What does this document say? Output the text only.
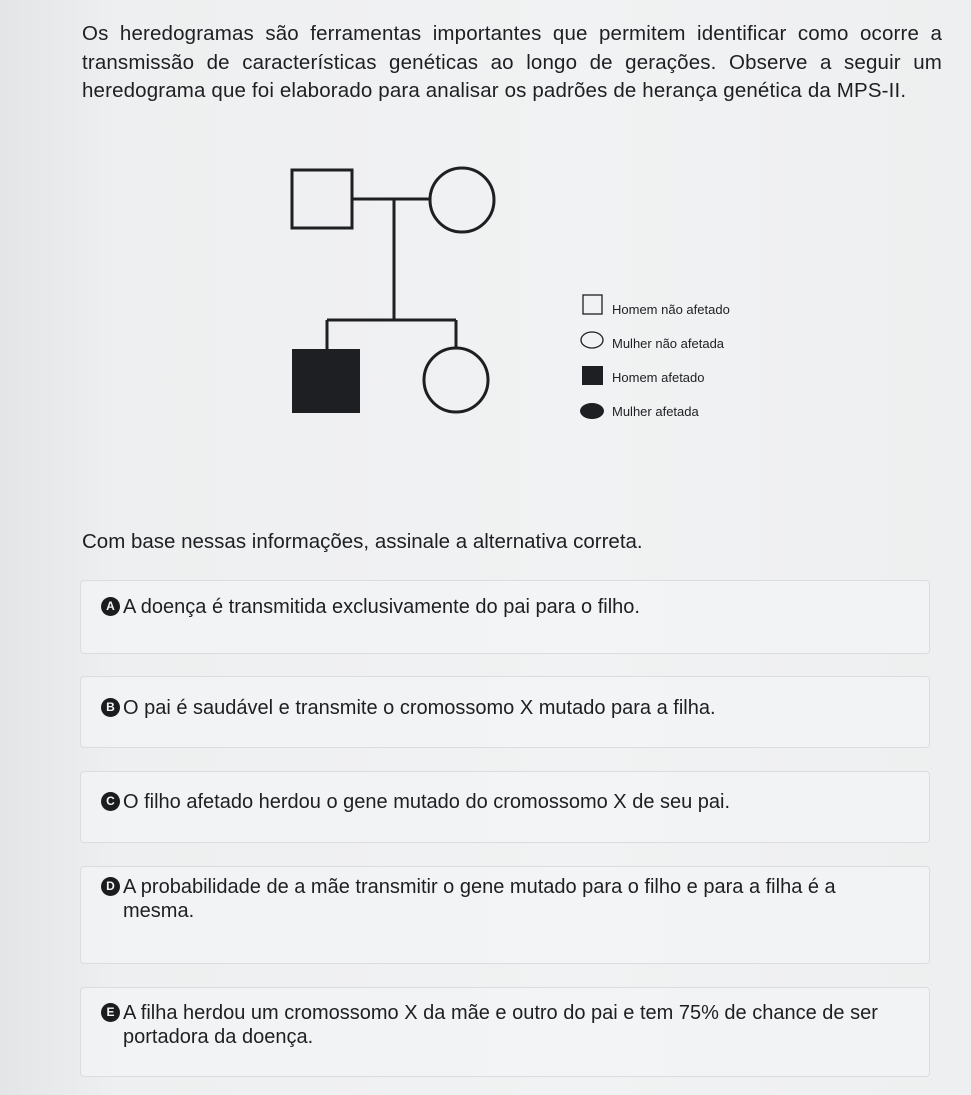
Os heredogramas são ferramentas importantes que permitem identificar como ocorre a transmissão de características genéticas ao longo de gerações. Observe a seguir um heredograma que foi elaborado para analisar os padrões de herança genética da MPS-II.

Homem não afetado
Mulher não afetada
Homem afetado
Mulher afetada

Com base nessas informações, assinale a alternativa correta.

A A doença é transmitida exclusivamente do pai para o filho.
B O pai é saudável e transmite o cromossomo X mutado para a filha.
C O filho afetado herdou o gene mutado do cromossomo X de seu pai.
D A probabilidade de a mãe transmitir o gene mutado para o filho e para a filha é a mesma.
E A filha herdou um cromossomo X da mãe e outro do pai e tem 75% de chance de ser portadora da doença.
